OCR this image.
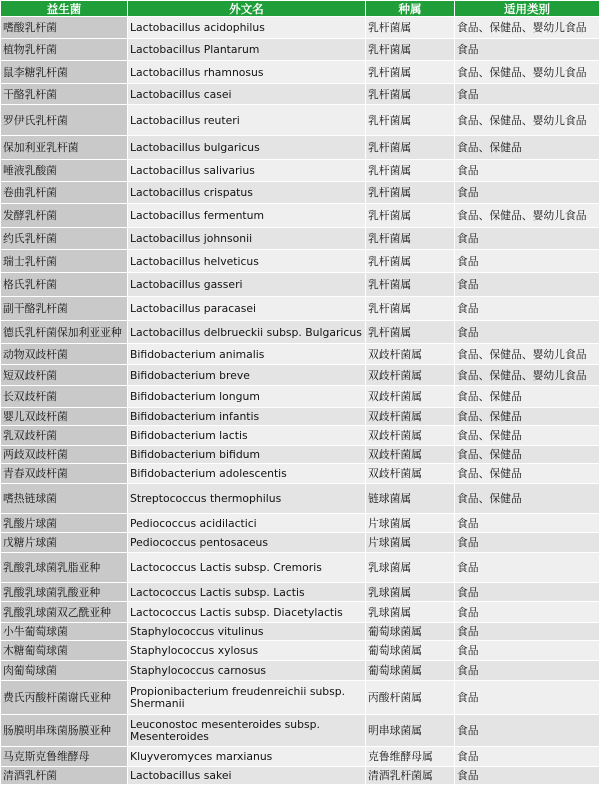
益生菌	外文名	种属	适用类别
嗜酸乳杆菌	Lactobacillus acidophilus	乳杆菌属	食品、保健品、婴幼儿食品
植物乳杆菌	Lactobacillus Plantarum	乳杆菌属	食品
鼠李糖乳杆菌	Lactobacillus rhamnosus	乳杆菌属	食品、保健品、婴幼儿食品
干酪乳杆菌	Lactobacillus casei	乳杆菌属	食品
罗伊氏乳杆菌	Lactobacillus reuteri	乳杆菌属	食品、保健品、婴幼儿食品
保加利亚乳杆菌	Lactobacillus bulgaricus	乳杆菌属	食品、保健品
唾液乳酸菌	Lactobacillus salivarius	乳杆菌属	食品
卷曲乳杆菌	Lactobacillus crispatus	乳杆菌属	食品
发酵乳杆菌	Lactobacillus fermentum	乳杆菌属	食品、保健品、婴幼儿食品
约氏乳杆菌	Lactobacillus johnsonii	乳杆菌属	食品
瑞士乳杆菌	Lactobacillus helveticus	乳杆菌属	食品
格氏乳杆菌	Lactobacillus gasseri	乳杆菌属	食品
副干酪乳杆菌	Lactobacillus paracasei	乳杆菌属	食品
德氏乳杆菌保加利亚亚种	Lactobacillus delbrueckii subsp. Bulgaricus	乳杆菌属	食品
动物双歧杆菌	Bifidobacterium animalis	双歧杆菌属	食品、保健品、婴幼儿食品
短双歧杆菌	Bifidobacterium breve	双歧杆菌属	食品、保健品、婴幼儿食品
长双歧杆菌	Bifidobacterium longum	双歧杆菌属	食品、保健品
婴儿双歧杆菌	Bifidobacterium infantis	双歧杆菌属	食品、保健品
乳双歧杆菌	Bifidobacterium lactis	双歧杆菌属	食品、保健品
两歧双歧杆菌	Bifidobacterium bifidum	双歧杆菌属	食品、保健品
青春双歧杆菌	Bifidobacterium adolescentis	双歧杆菌属	食品、保健品
嗜热链球菌	Streptococcus thermophilus	链球菌属	食品、保健品
乳酸片球菌	Pediococcus acidilactici	片球菌属	食品
戊糖片球菌	Pediococcus pentosaceus	片球菌属	食品
乳酸乳球菌乳脂亚种	Lactococcus Lactis subsp. Cremoris	乳球菌属	食品
乳酸乳球菌乳酸亚种	Lactococcus Lactis subsp. Lactis	乳球菌属	食品
乳酸乳球菌双乙酰亚种	Lactococcus Lactis subsp. Diacetylactis	乳球菌属	食品
小牛葡萄球菌	Staphylococcus vitulinus	葡萄球菌属	食品
木糖葡萄球菌	Staphylococcus xylosus	葡萄球菌属	食品
肉葡萄球菌	Staphylococcus carnosus	葡萄球菌属	食品
费氏丙酸杆菌谢氏亚种	Propionibacterium freudenreichii subsp. Shermanii	丙酸杆菌属	食品
肠膜明串珠菌肠膜亚种	Leuconostoc mesenteroides subsp. Mesenteroides	明串球菌属	食品
马克斯克鲁维酵母	Kluyveromyces marxianus	克鲁维酵母属	食品
清酒乳杆菌	Lactobacillus sakei	清酒乳杆菌属	食品
